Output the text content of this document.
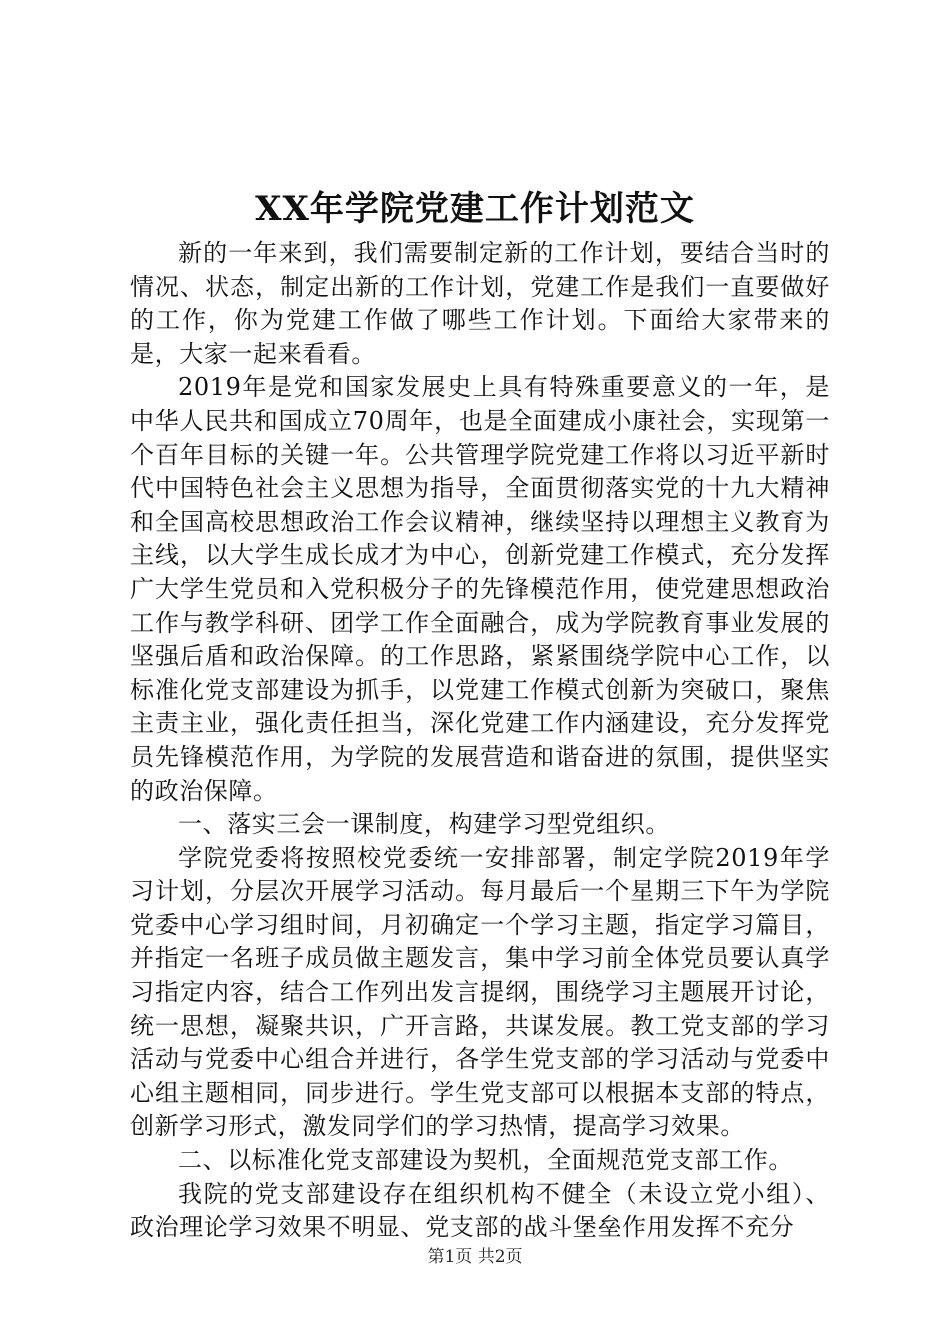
XX年学院党建工作计划范文

新的一年来到，我们需要制定新的工作计划，要结合当时的情况、状态，制定出新的工作计划，党建工作是我们一直要做好的工作，你为党建工作做了哪些工作计划。下面给大家带来的是，大家一起来看看。

2019年是党和国家发展史上具有特殊重要意义的一年，是中华人民共和国成立70周年，也是全面建成小康社会，实现第一个百年目标的关键一年。公共管理学院党建工作将以习近平新时代中国特色社会主义思想为指导，全面贯彻落实党的十九大精神和全国高校思想政治工作会议精神，继续坚持以理想主义教育为主线，以大学生成长成才为中心，创新党建工作模式，充分发挥广大学生党员和入党积极分子的先锋模范作用，使党建思想政治工作与教学科研、团学工作全面融合，成为学院教育事业发展的坚强后盾和政治保障。的工作思路，紧紧围绕学院中心工作，以标准化党支部建设为抓手，以党建工作模式创新为突破口，聚焦主责主业，强化责任担当，深化党建工作内涵建设，充分发挥党员先锋模范作用，为学院的发展营造和谐奋进的氛围，提供坚实的政治保障。

一、落实三会一课制度，构建学习型党组织。

学院党委将按照校党委统一安排部署，制定学院2019年学习计划，分层次开展学习活动。每月最后一个星期三下午为学院党委中心学习组时间，月初确定一个学习主题，指定学习篇目，并指定一名班子成员做主题发言，集中学习前全体党员要认真学习指定内容，结合工作列出发言提纲，围绕学习主题展开讨论，统一思想，凝聚共识，广开言路，共谋发展。教工党支部的学习活动与党委中心组合并进行，各学生党支部的学习活动与党委中心组主题相同，同步进行。学生党支部可以根据本支部的特点，创新学习形式，激发同学们的学习热情，提高学习效果。

二、以标准化党支部建设为契机，全面规范党支部工作。

我院的党支部建设存在组织机构不健全（未设立党小组）、政治理论学习效果不明显、党支部的战斗堡垒作用发挥不充分

第1页 共2页
